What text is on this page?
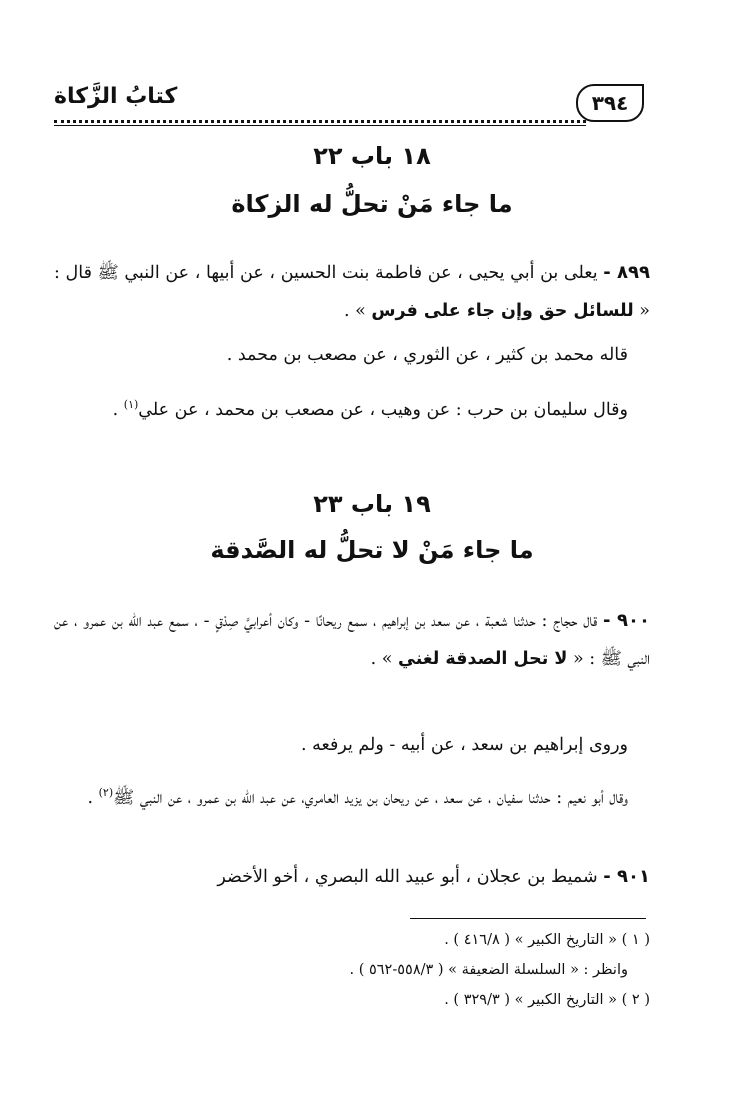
٣٩٤
كتابُ الزَّكاة
١٨ باب ٢٢
ما جاء مَنْ تحلُّ له الزكاة
٨٩٩ - يعلى بن أبي يحيى ، عن فاطمة بنت الحسين ، عن أبيها ، عن النبي ﷺ قال : « للسائل حق وإن جاء على فرس » .
قاله محمد بن كثير ، عن الثوري ، عن مصعب بن محمد .
وقال سليمان بن حرب : عن وهيب ، عن مصعب بن محمد ، عن علي$^{(١)}$ .
١٩ باب ٢٣
ما جاء مَنْ لا تحلُّ له الصَّدقة
٩٠٠ - قال حجاج : حدثنا شعبة ، عن سعد بن إبراهيم ، سمع ريحانًا - وكان أعرابيَّ صِدْقٍ - ، سمع عبد الله بن عمرو ، عن النبي ﷺ : « لا تحل الصدقة لغني » .
وروى إبراهيم بن سعد ، عن أبيه - ولم يرفعه .
وقال أبو نعيم : حدثنا سفيان ، عن سعد ، عن ريحان بن يزيد العامري، عن عبد الله بن عمرو ، عن النبي ﷺ$^{(٢)}$ .
٩٠١ - شميط بن عجلان ، أبو عبيد الله البصري ، أخو الأخضر
( ١ ) « التاريخ الكبير » ( ٤١٦/٨ ) .
وانظر : « السلسلة الضعيفة » ( ٥٥٨/٣-٥٦٢ ) .
( ٢ ) « التاريخ الكبير » ( ٣٢٩/٣ ) .
